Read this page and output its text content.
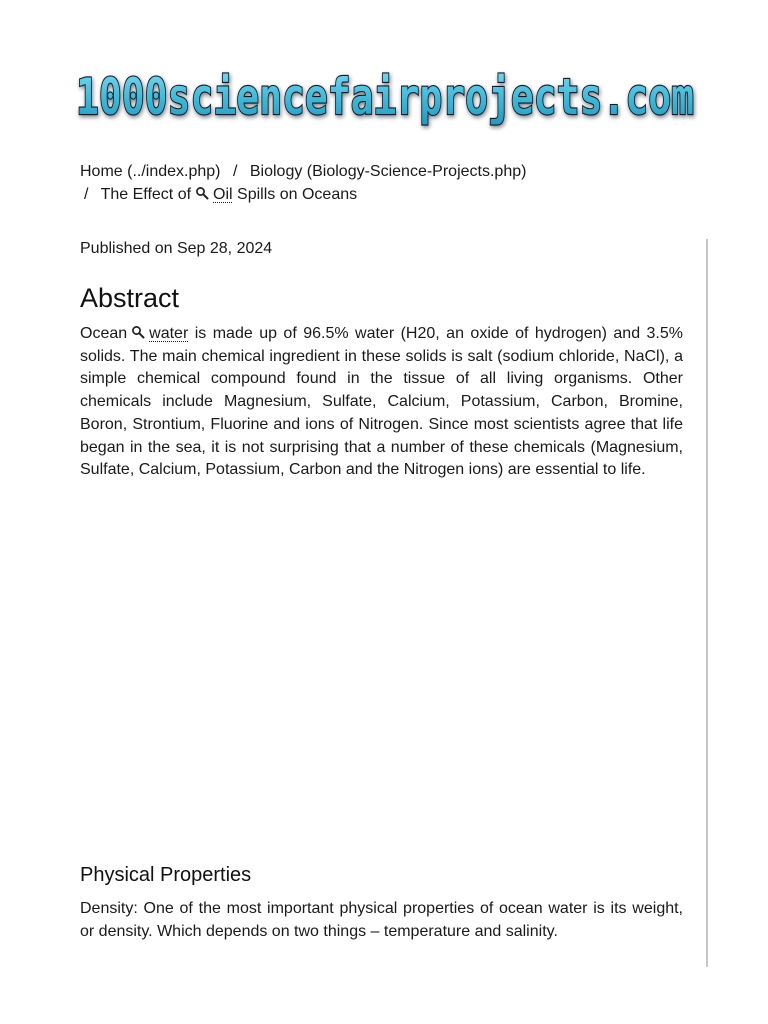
1000sciencefairprojects.com
Home (../index.php) / Biology (Biology-Science-Projects.php)
/ The Effect of Oil Spills on Oceans
Published on Sep 28, 2024
Abstract

Ocean water is made up of 96.5% water (H20, an oxide of hydrogen) and 3.5% solids. The main chemical ingredient in these solids is salt (sodium chloride, NaCl), a simple chemical compound found in the tissue of all living organisms. Other chemicals include Magnesium, Sulfate, Calcium, Potassium, Carbon, Bromine, Boron, Strontium, Fluorine and ions of Nitrogen. Since most scientists agree that life began in the sea, it is not surprising that a number of these chemicals (Magnesium, Sulfate, Calcium, Potassium, Carbon and the Nitrogen ions) are essential to life.

Physical Properties

Density: One of the most important physical properties of ocean water is its weight, or density. Which depends on two things – temperature and salinity.
